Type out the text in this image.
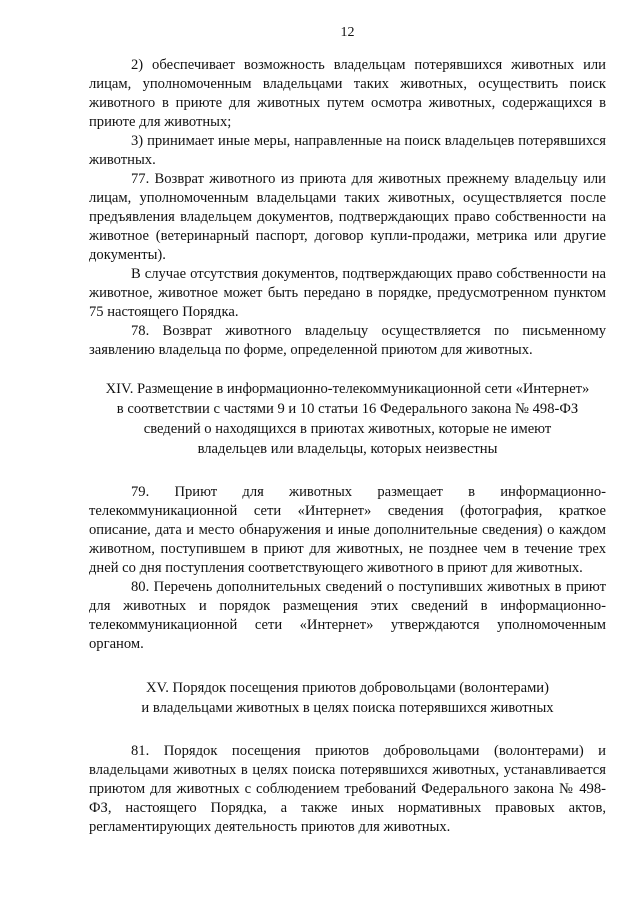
12

2) обеспечивает возможность владельцам потерявшихся животных или лицам, уполномоченным владельцами таких животных, осуществить поиск животного в приюте для животных путем осмотра животных, содержащихся в приюте для животных;

3) принимает иные меры, направленные на поиск владельцев потерявшихся животных.

77. Возврат животного из приюта для животных прежнему владельцу или лицам, уполномоченным владельцами таких животных, осуществляется после предъявления владельцем документов, подтверждающих право собственности на животное (ветеринарный паспорт, договор купли-продажи, метрика или другие документы).

В случае отсутствия документов, подтверждающих право собственности на животное, животное может быть передано в порядке, предусмотренном пунктом 75 настоящего Порядка.

78. Возврат животного владельцу осуществляется по письменному заявлению владельца по форме, определенной приютом для животных.

XIV. Размещение в информационно-телекоммуникационной сети «Интернет»
в соответствии с частями 9 и 10 статьи 16 Федерального закона № 498-ФЗ
сведений о находящихся в приютах животных, которые не имеют
владельцев или владельцы, которых неизвестны

79. Приют для животных размещает в информационно-телекоммуникационной сети «Интернет» сведения (фотография, краткое описание, дата и место обнаружения и иные дополнительные сведения) о каждом животном, поступившем в приют для животных, не позднее чем в течение трех дней со дня поступления соответствующего животного в приют для животных.

80. Перечень дополнительных сведений о поступивших животных в приют для животных и порядок размещения этих сведений в информационно-телекоммуникационной сети «Интернет» утверждаются уполномоченным органом.

XV. Порядок посещения приютов добровольцами (волонтерами)
и владельцами животных в целях поиска потерявшихся животных

81. Порядок посещения приютов добровольцами (волонтерами) и владельцами животных в целях поиска потерявшихся животных, устанавливается приютом для животных с соблюдением требований Федерального закона № 498-ФЗ, настоящего Порядка, а также иных нормативных правовых актов, регламентирующих деятельность приютов для животных.
